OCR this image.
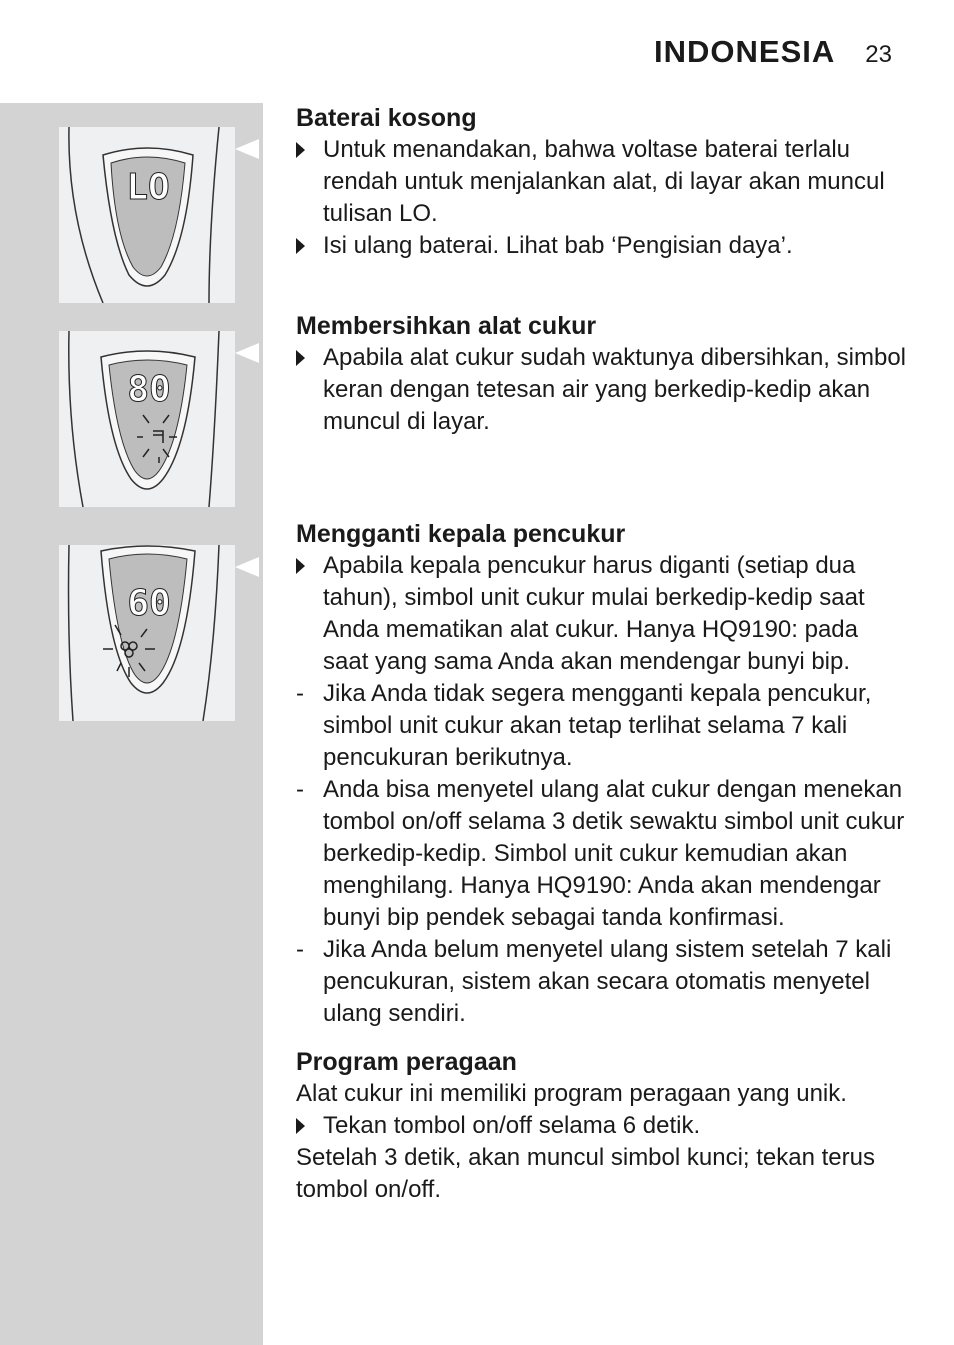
INDONESIA 23
LO
80
60

Baterai kosong

Untuk menandakan, bahwa voltase baterai terlalu rendah untuk menjalankan alat, di layar akan muncul tulisan LO.

Isi ulang baterai. Lihat bab ‘Pengisian daya’.

Membersihkan alat cukur

Apabila alat cukur sudah waktunya dibersihkan, simbol keran dengan tetesan air yang berkedip-kedip akan muncul di layar.

Mengganti kepala pencukur

Apabila kepala pencukur harus diganti (setiap dua tahun), simbol unit cukur mulai berkedip-kedip saat Anda mematikan alat cukur. Hanya HQ9190: pada saat yang sama Anda akan mendengar bunyi bip.

- Jika Anda tidak segera mengganti kepala pencukur, simbol unit cukur akan tetap terlihat selama 7 kali pencukuran berikutnya.

- Anda bisa menyetel ulang alat cukur dengan menekan tombol on/off selama 3 detik sewaktu simbol unit cukur berkedip-kedip. Simbol unit cukur kemudian akan menghilang. Hanya HQ9190: Anda akan mendengar bunyi bip pendek sebagai tanda konfirmasi.

- Jika Anda belum menyetel ulang sistem setelah 7 kali pencukuran, sistem akan secara otomatis menyetel ulang sendiri.

Program peragaan

Alat cukur ini memiliki program peragaan yang unik.

Tekan tombol on/off selama 6 detik.

Setelah 3 detik, akan muncul simbol kunci; tekan terus tombol on/off.
